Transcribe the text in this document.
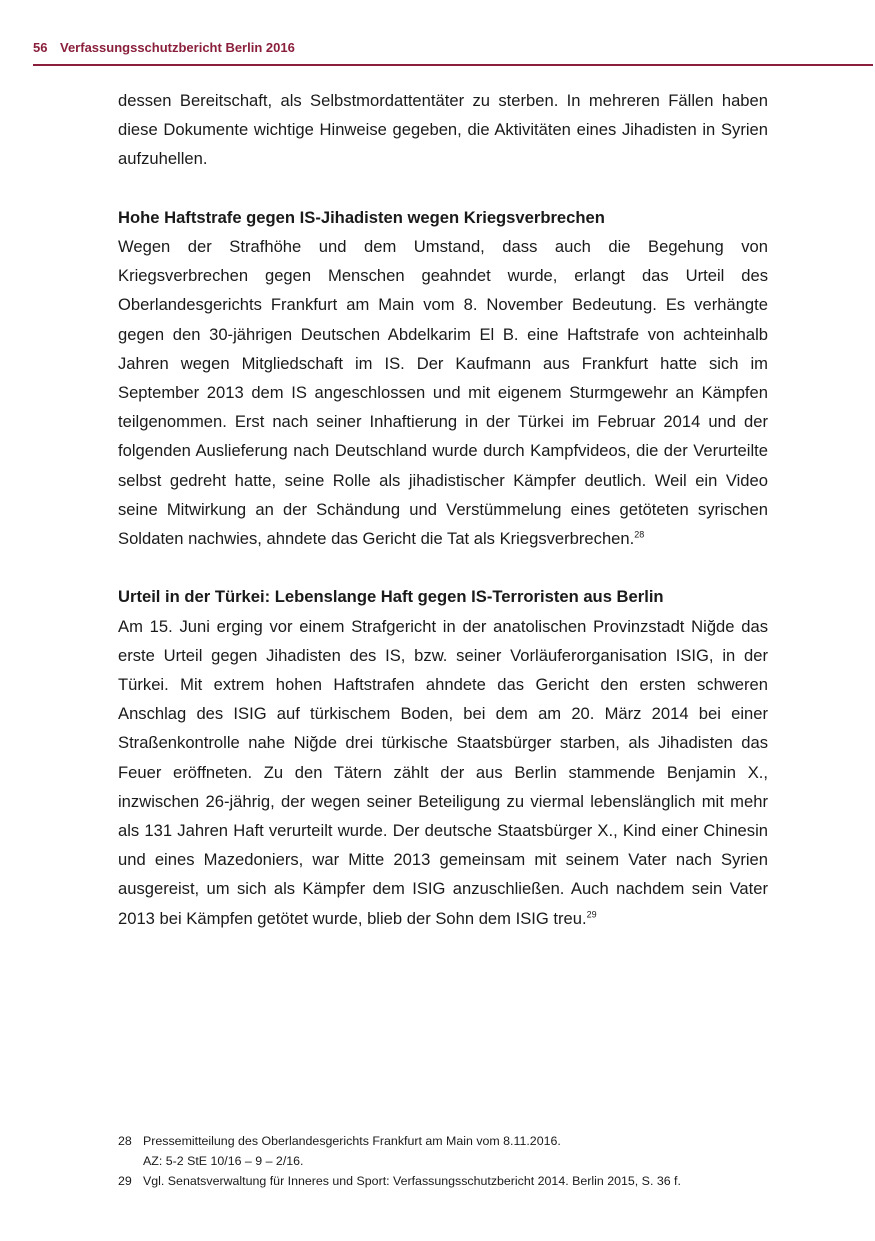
56 Verfassungsschutzbericht Berlin 2016

dessen Bereitschaft, als Selbstmordattentäter zu sterben. In mehreren Fällen haben diese Dokumente wichtige Hinweise gegeben, die Aktivitäten eines Jihadisten in Syrien aufzuhellen.

Hohe Haftstrafe gegen IS-Jihadisten wegen Kriegsverbrechen

Wegen der Strafhöhe und dem Umstand, dass auch die Begehung von Kriegsverbrechen gegen Menschen geahndet wurde, erlangt das Urteil des Oberlandesgerichts Frankfurt am Main vom 8. November Bedeutung. Es verhängte gegen den 30-jährigen Deutschen Abdelkarim El B. eine Haftstrafe von achteinhalb Jahren wegen Mitgliedschaft im IS. Der Kaufmann aus Frankfurt hatte sich im September 2013 dem IS angeschlossen und mit eigenem Sturmgewehr an Kämpfen teilgenommen. Erst nach seiner Inhaftierung in der Türkei im Februar 2014 und der folgenden Auslieferung nach Deutschland wurde durch Kampfvideos, die der Verurteilte selbst gedreht hatte, seine Rolle als jihadistischer Kämpfer deutlich. Weil ein Video seine Mitwirkung an der Schändung und Verstümmelung eines getöteten syrischen Soldaten nachwies, ahndete das Gericht die Tat als Kriegsverbrechen.$^{28}$

Urteil in der Türkei: Lebenslange Haft gegen IS-Terroristen aus Berlin

Am 15. Juni erging vor einem Strafgericht in der anatolischen Provinzstadt Niğde das erste Urteil gegen Jihadisten des IS, bzw. seiner Vorläuferorganisation ISIG, in der Türkei. Mit extrem hohen Haftstrafen ahndete das Gericht den ersten schweren Anschlag des ISIG auf türkischem Boden, bei dem am 20. März 2014 bei einer Straßenkontrolle nahe Niğde drei türkische Staatsbürger starben, als Jihadisten das Feuer eröffneten. Zu den Tätern zählt der aus Berlin stammende Benjamin X., inzwischen 26-jährig, der wegen seiner Beteiligung zu viermal lebenslänglich mit mehr als 131 Jahren Haft verurteilt wurde. Der deutsche Staatsbürger X., Kind einer Chinesin und eines Mazedoniers, war Mitte 2013 gemeinsam mit seinem Vater nach Syrien ausgereist, um sich als Kämpfer dem ISIG anzuschließen. Auch nachdem sein Vater 2013 bei Kämpfen getötet wurde, blieb der Sohn dem ISIG treu.$^{29}$

28 Pressemitteilung des Oberlandesgerichts Frankfurt am Main vom 8.11.2016.
AZ: 5-2 StE 10/16 – 9 – 2/16.
29 Vgl. Senatsverwaltung für Inneres und Sport: Verfassungsschutzbericht 2014. Berlin 2015, S. 36 f.
